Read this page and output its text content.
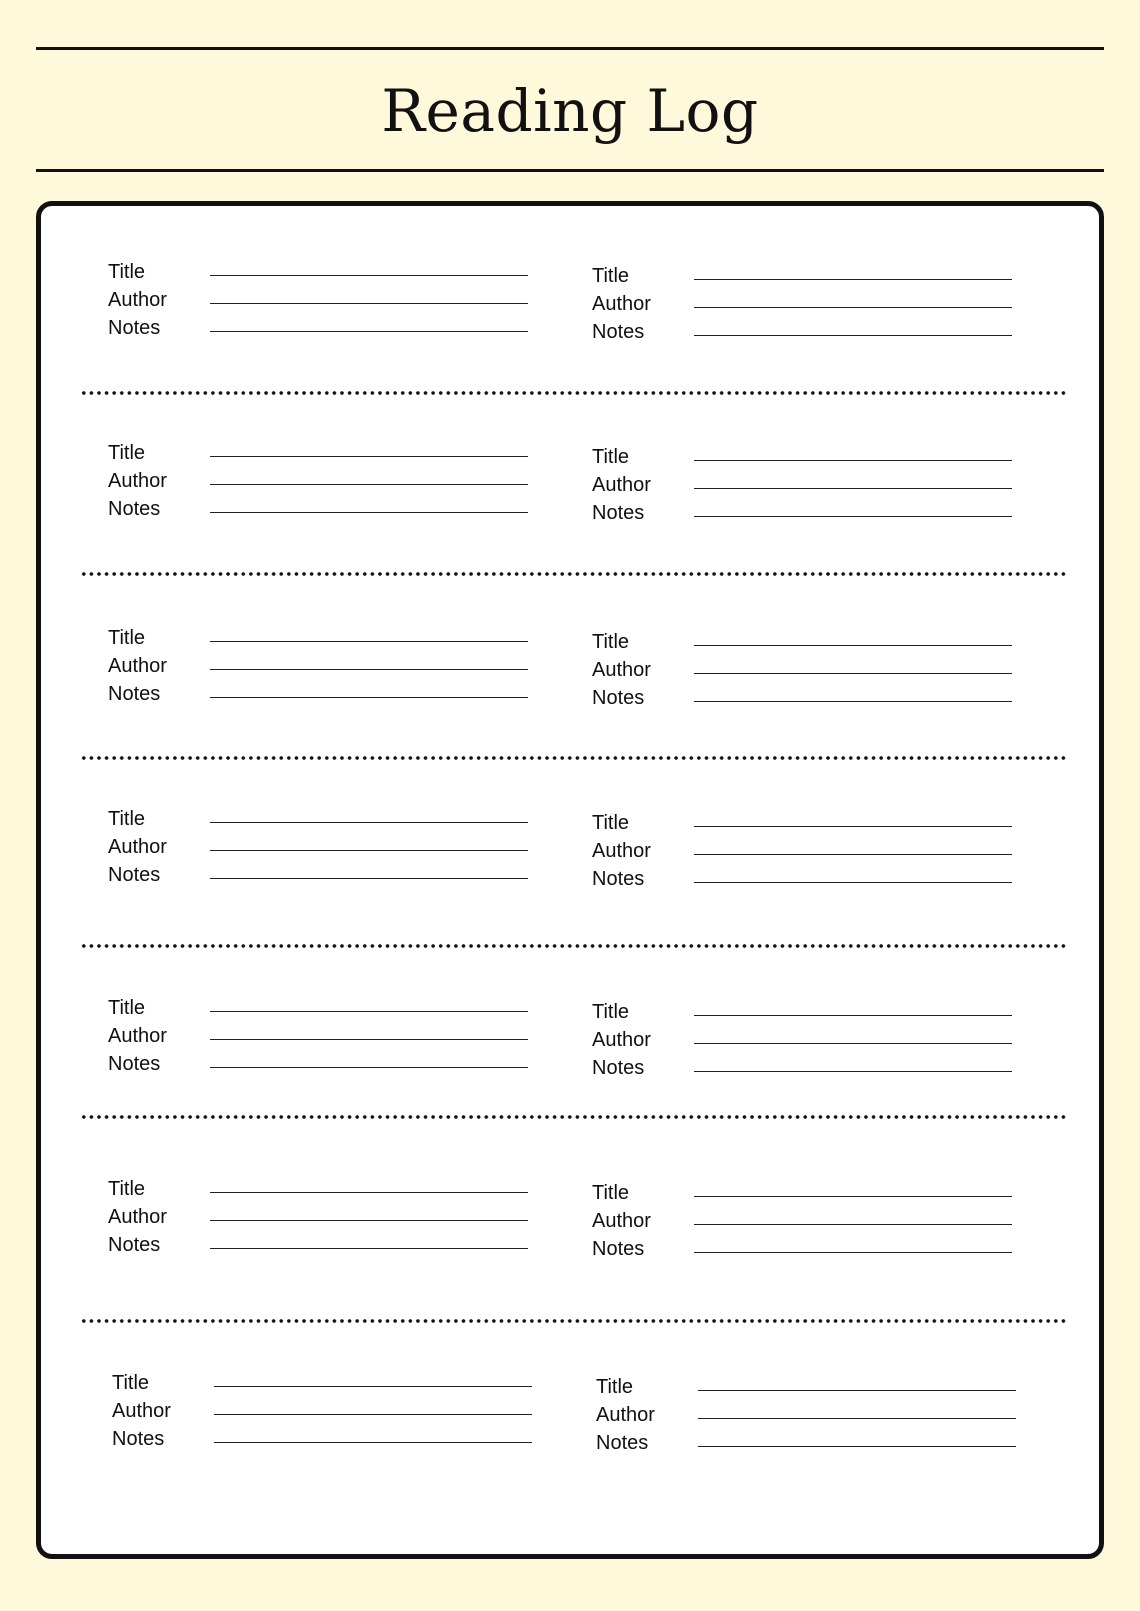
Reading Log
Title
Author
Notes
Title
Author
Notes
Title
Author
Notes
Title
Author
Notes
Title
Author
Notes
Title
Author
Notes
Title
Author
Notes
Title
Author
Notes
Title
Author
Notes
Title
Author
Notes
Title
Author
Notes
Title
Author
Notes
Title
Author
Notes
Title
Author
Notes
